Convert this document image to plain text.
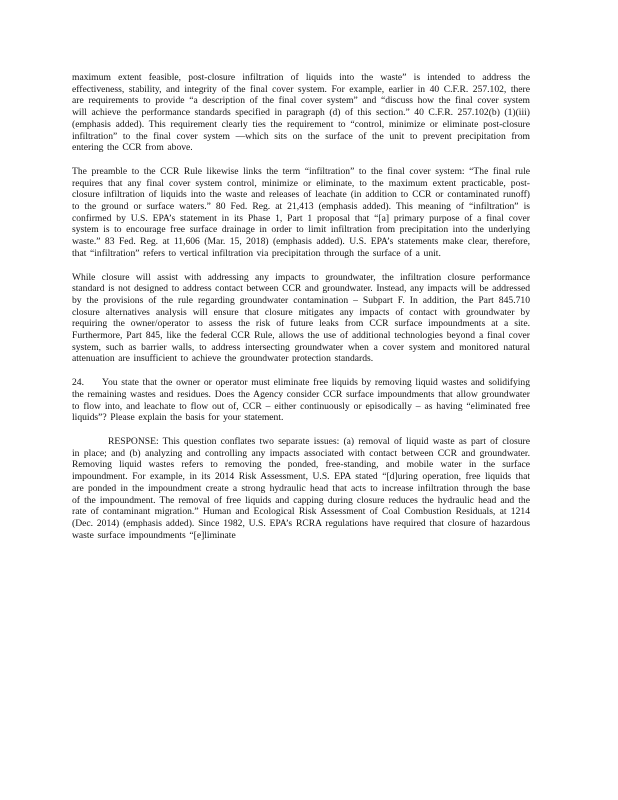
maximum extent feasible, post-closure infiltration of liquids into the waste” is intended to address the effectiveness, stability, and integrity of the final cover system. For example, earlier in 40 C.F.R. 257.102, there are requirements to provide “a description of the final cover system” and “discuss how the final cover system will achieve the performance standards specified in paragraph (d) of this section.” 40 C.F.R. 257.102(b) (1)(iii) (emphasis added). This requirement clearly ties the requirement to “control, minimize or eliminate post-closure infiltration” to the final cover system —which sits on the surface of the unit to prevent precipitation from entering the CCR from above.

The preamble to the CCR Rule likewise links the term “infiltration” to the final cover system: “The final rule requires that any final cover system control, minimize or eliminate, to the maximum extent practicable, post-closure infiltration of liquids into the waste and releases of leachate (in addition to CCR or contaminated runoff) to the ground or surface waters.” 80 Fed. Reg. at 21,413 (emphasis added). This meaning of “infiltration” is confirmed by U.S. EPA’s statement in its Phase 1, Part 1 proposal that “[a] primary purpose of a final cover system is to encourage free surface drainage in order to limit infiltration from precipitation into the underlying waste.” 83 Fed. Reg. at 11,606 (Mar. 15, 2018) (emphasis added). U.S. EPA’s statements make clear, therefore, that “infiltration” refers to vertical infiltration via precipitation through the surface of a unit.

While closure will assist with addressing any impacts to groundwater, the infiltration closure performance standard is not designed to address contact between CCR and groundwater. Instead, any impacts will be addressed by the provisions of the rule regarding groundwater contamination – Subpart F. In addition, the Part 845.710 closure alternatives analysis will ensure that closure mitigates any impacts of contact with groundwater by requiring the owner/operator to assess the risk of future leaks from CCR surface impoundments at a site. Furthermore, Part 845, like the federal CCR Rule, allows the use of additional technologies beyond a final cover system, such as barrier walls, to address intersecting groundwater when a cover system and monitored natural attenuation are insufficient to achieve the groundwater protection standards.

24. You state that the owner or operator must eliminate free liquids by removing liquid wastes and solidifying the remaining wastes and residues. Does the Agency consider CCR surface impoundments that allow groundwater to flow into, and leachate to flow out of, CCR – either continuously or episodically – as having “eliminated free liquids”? Please explain the basis for your statement.

RESPONSE: This question conflates two separate issues: (a) removal of liquid waste as part of closure in place; and (b) analyzing and controlling any impacts associated with contact between CCR and groundwater. Removing liquid wastes refers to removing the ponded, free-standing, and mobile water in the surface impoundment. For example, in its 2014 Risk Assessment, U.S. EPA stated “[d]uring operation, free liquids that are ponded in the impoundment create a strong hydraulic head that acts to increase infiltration through the base of the impoundment. The removal of free liquids and capping during closure reduces the hydraulic head and the rate of contaminant migration.” Human and Ecological Risk Assessment of Coal Combustion Residuals, at 1214 (Dec. 2014) (emphasis added). Since 1982, U.S. EPA’s RCRA regulations have required that closure of hazardous waste surface impoundments “[e]liminate
